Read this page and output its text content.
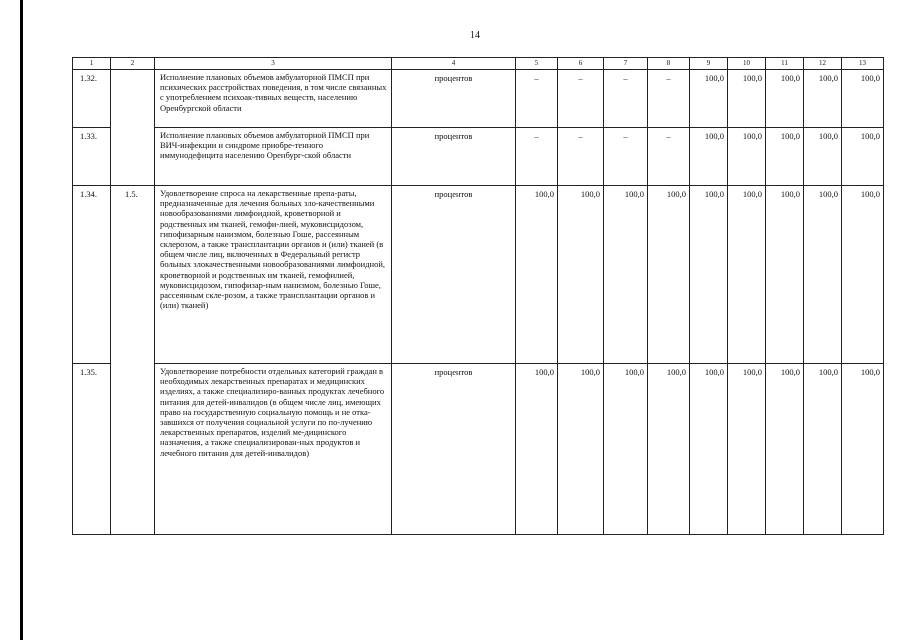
14
1	2	3	4	5	6	7	8	9	10	11	12	13
1.32.		Исполнение плановых объемов амбулаторной ПМСП при психических расстройствах поведения, в том числе связанных с употреблением психоак-тивных веществ, населению Оренбургской области	процентов	–	–	–	–	100,0	100,0	100,0	100,0	100,0
1.33.		Исполнение плановых объемов амбулаторной ПМСП при ВИЧ-инфекции и синдроме приобре-тенного иммунодефицита населению Оренбург-ской области	процентов	–	–	–	–	100,0	100,0	100,0	100,0	100,0
1.34.	1.5.	Удовлетворение спроса на лекарственные препа-раты, предназначенные для лечения больных зло-качественными новообразованиями лимфоидной, кроветворной и родственных им тканей, гемофи-лией, муковисцидозом, гипофизарным нанизмом, болезнью Гоше, рассеянным склерозом, а также трансплантации органов и (или) тканей (в общем числе лиц, включенных в Федеральный регистр больных злокачественными новообразованиями лимфоидной, кроветворной и родственных им тканей, гемофилией, муковисцидозом, гипофизар-ным нанизмом, болезнью Гоше, рассеянным скле-розом, а также трансплантации органов и (или) тканей)	процентов	100,0	100,0	100,0	100,0	100,0	100,0	100,0	100,0	100,0
1.35.		Удовлетворение потребности отдельных категорий граждан в необходимых лекарственных препаратах и медицинских изделиях, а также специализиро-ванных продуктах лечебного питания для детей-инвалидов (в общем числе лиц, имеющих право на государственную социальную помощь и не отка-завшихся от получения социальной услуги по по-лучению лекарственных препаратов, изделий ме-дицинского назначения, а также специализирован-ных продуктов и лечебного питания для детей-инвалидов)	процентов	100,0	100,0	100,0	100,0	100,0	100,0	100,0	100,0	100,0
